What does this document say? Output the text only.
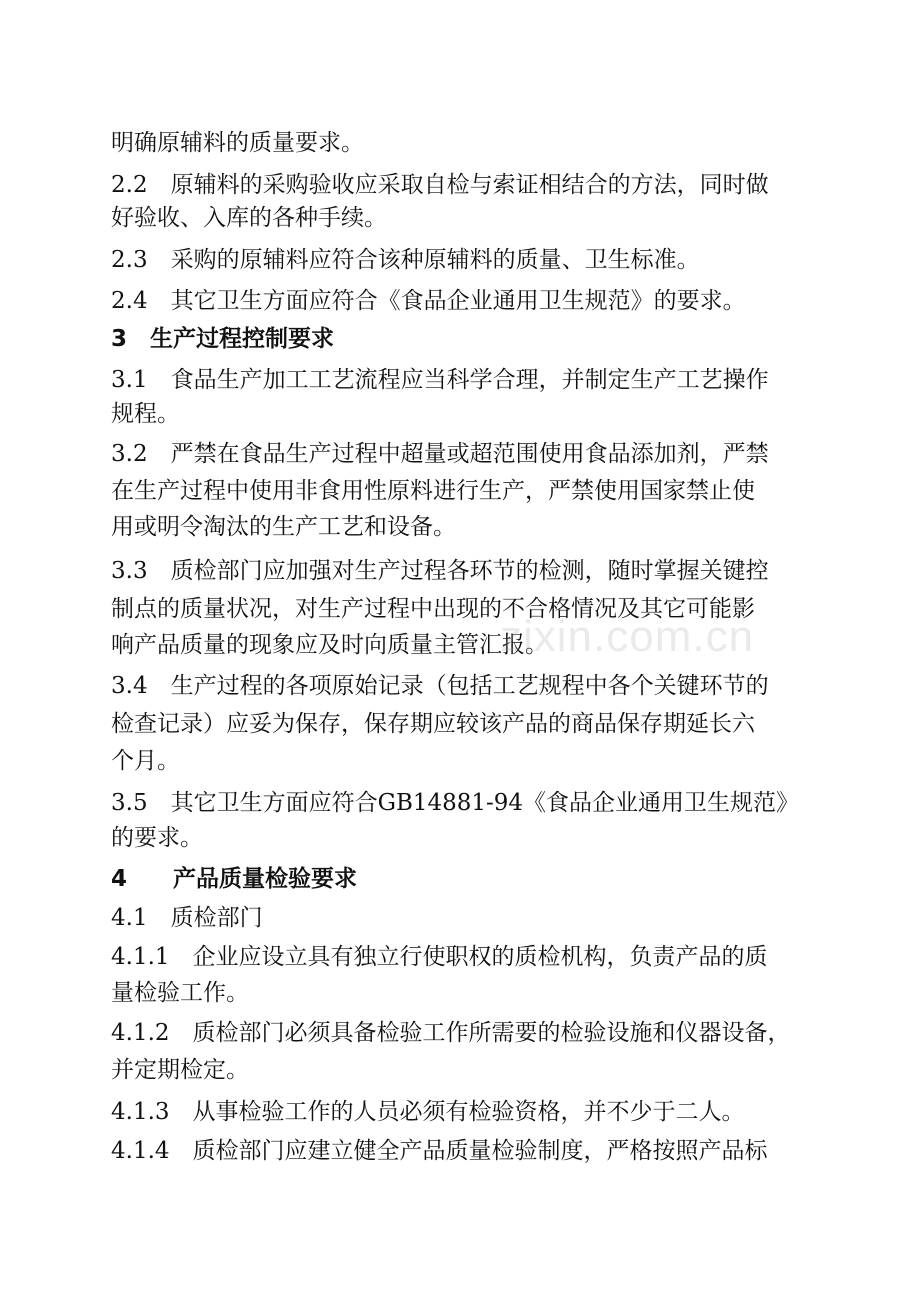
明确原辅料的质量要求。
2.2　原辅料的采购验收应采取自检与索证相结合的方法，同时做
好验收、入库的各种手续。
2.3　采购的原辅料应符合该种原辅料的质量、卫生标准。
2.4　其它卫生方面应符合《食品企业通用卫生规范》的要求。
3　生产过程控制要求
3.1　食品生产加工工艺流程应当科学合理，并制定生产工艺操作
规程。
3.2　严禁在食品生产过程中超量或超范围使用食品添加剂，严禁
在生产过程中使用非食用性原料进行生产，严禁使用国家禁止使
用或明令淘汰的生产工艺和设备。
3.3　质检部门应加强对生产过程各环节的检测，随时掌握关键控
制点的质量状况，对生产过程中出现的不合格情况及其它可能影
响产品质量的现象应及时向质量主管汇报。
3.4　生产过程的各项原始记录（包括工艺规程中各个关键环节的
检查记录）应妥为保存，保存期应较该产品的商品保存期延长六
个月。
3.5　其它卫生方面应符合GB14881-94《食品企业通用卫生规范》
的要求。
4　　产品质量检验要求
4.1　质检部门
4.1.1　企业应设立具有独立行使职权的质检机构，负责产品的质
量检验工作。
4.1.2　质检部门必须具备检验工作所需要的检验设施和仪器设备，
并定期检定。
4.1.3　从事检验工作的人员必须有检验资格，并不少于二人。
4.1.4　质检部门应建立健全产品质量检验制度，严格按照产品标
zixin.com.cn
